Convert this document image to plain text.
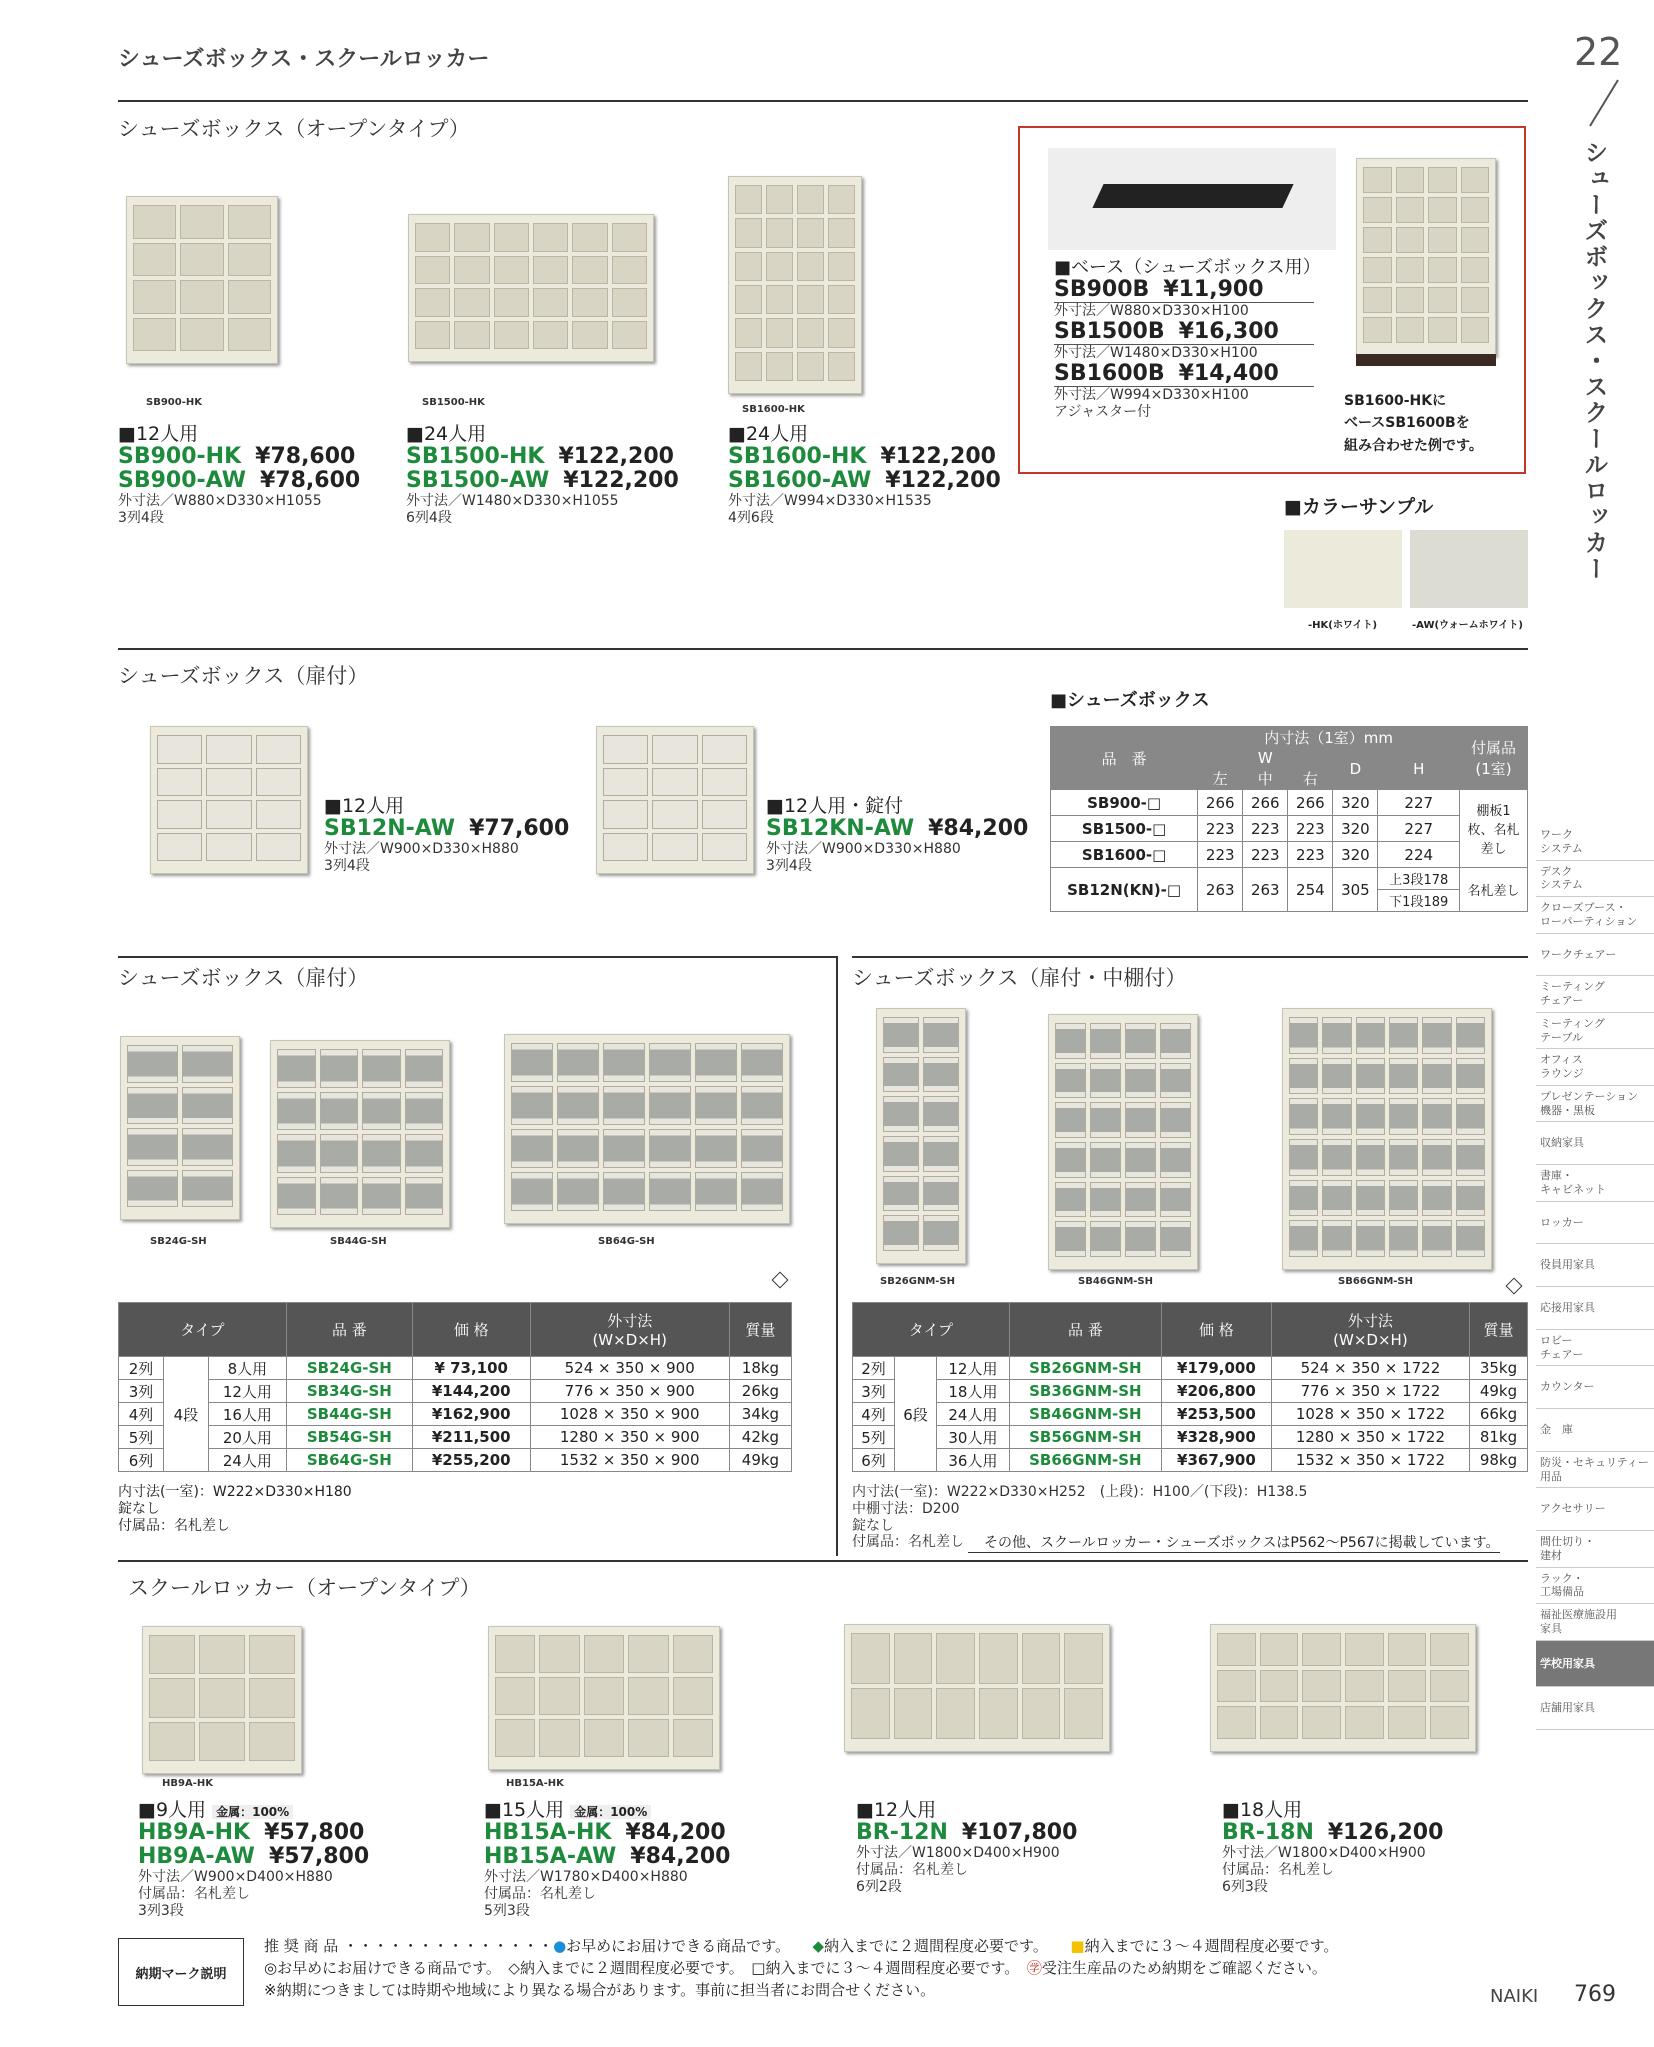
シューズボックス・スクールロッカー	22
シューズボックス・スクールロッカー
シューズボックス（オープンタイプ）
SB900-HK	SB1500-HK
SB1600-HK
■12人用
SB900-HK ¥78,600
SB900-AW ¥78,600
外寸法／W880×D330×H1055
3列4段
■24人用
SB1500-HK ¥122,200
SB1500-AW ¥122,200
外寸法／W1480×D330×H1055
6列4段
■24人用
SB1600-HK ¥122,200
SB1600-AW ¥122,200
外寸法／W994×D330×H1535
4列6段
■ベース（シューズボックス用）
SB900B ¥11,900
外寸法／W880×D330×H100
SB1500B ¥16,300
外寸法／W1480×D330×H100
SB1600B ¥14,400
外寸法／W994×D330×H100
アジャスター付
SB1600-HKに
ベースSB1600Bを
組み合わせた例です。
■カラーサンプル
-HK(ホワイト)	-AW(ウォームホワイト)
シューズボックス（扉付）
■12人用
SB12N-AW ¥77,600
外寸法／W900×D330×H880
3列4段
■12人用・錠付
SB12KN-AW ¥84,200
外寸法／W900×D330×H880
3列4段
■シューズボックス
品　番	内寸法（1室）mm					付属品
(1室)
	W			D	H	
	左	中	右			
SB900-□	266	266	266	320	227	棚板1枚、名札差し
SB1500-□	223	223	223	320	227	
SB1600-□	223	223	223	320	224	
SB12N(KN)-□	263	263	254	305	上3段178	名札差し
					下1段189	
シューズボックス（扉付）	シューズボックス（扉付・中棚付）
SB24G-SH	SB44G-SH	SB64G-SH
SB26GNM-SH	SB46GNM-SH	SB66GNM-SH
タイプ			品 番	価 格	外寸法
(W×D×H)	質量
2列	4段	8人用	SB24G-SH	¥ 73,100	524 × 350 × 900	18kg
3列		12人用	SB34G-SH	¥144,200	776 × 350 × 900	26kg
4列		16人用	SB44G-SH	¥162,900	1028 × 350 × 900	34kg
5列		20人用	SB54G-SH	¥211,500	1280 × 350 × 900	42kg
6列		24人用	SB64G-SH	¥255,200	1532 × 350 × 900	49kg
内寸法(一室)：W222×D330×H180
錠なし
付属品：名札差し
タイプ			品 番	価 格	外寸法
(W×D×H)	質量
2列	6段	12人用	SB26GNM-SH	¥179,000	524 × 350 × 1722	35kg
3列		18人用	SB36GNM-SH	¥206,800	776 × 350 × 1722	49kg
4列		24人用	SB46GNM-SH	¥253,500	1028 × 350 × 1722	66kg
5列		30人用	SB56GNM-SH	¥328,900	1280 × 350 × 1722	81kg
6列		36人用	SB66GNM-SH	¥367,900	1532 × 350 × 1722	98kg
内寸法(一室)：W222×D330×H252　(上段)：H100／(下段)：H138.5
中棚寸法：D200
錠なし
付属品：名札差し	その他、スクールロッカー・シューズボックスはP562～P567に掲載しています。
スクールロッカー（オープンタイプ）
HB9A-HK	HB15A-HK
■9人用 金属：100%
HB9A-HK ¥57,800
HB9A-AW ¥57,800
外寸法／W900×D400×H880
付属品：名札差し
3列3段
■15人用 金属：100%
HB15A-HK ¥84,200
HB15A-AW ¥84,200
外寸法／W1780×D400×H880
付属品：名札差し
5列3段
■12人用
BR-12N ¥107,800
外寸法／W1800×D400×H900
付属品：名札差し
6列2段
■18人用
BR-18N ¥126,200
外寸法／W1800×D400×H900
付属品：名札差し
6列3段
納期マーク説明
推 奨 商 品 ・・・・・・・・・・・・・・●お早めにお届けできる商品です。　　 ◆納入までに２週間程度必要です。　　 ■納入までに３～４週間程度必要です。
◎お早めにお届けできる商品です。　 ◇納入までに２週間程度必要です。　 □納入までに３～４週間程度必要です。　 ㊫受注生産品のため納期をご確認ください。
※納期につきましては時期や地域により異なる場合があります。事前に担当者にお問合せください。	NAIKI 769
ワーク
システム
デスク
システム
クローズブース・
ローパーティション
ワークチェアー
ミーティング
チェアー
ミーティング
テーブル
オフィス
ラウンジ
プレゼンテーション
機器・黒板
収納家具
書庫・
キャビネット
ロッカー
役員用家具
応接用家具
ロビー
チェアー
カウンター
金　庫
防災・セキュリティー
用品
アクセサリー
間仕切り・
建材
ラック・
工場備品
福祉医療施設用
家具
学校用家具
店舗用家具
